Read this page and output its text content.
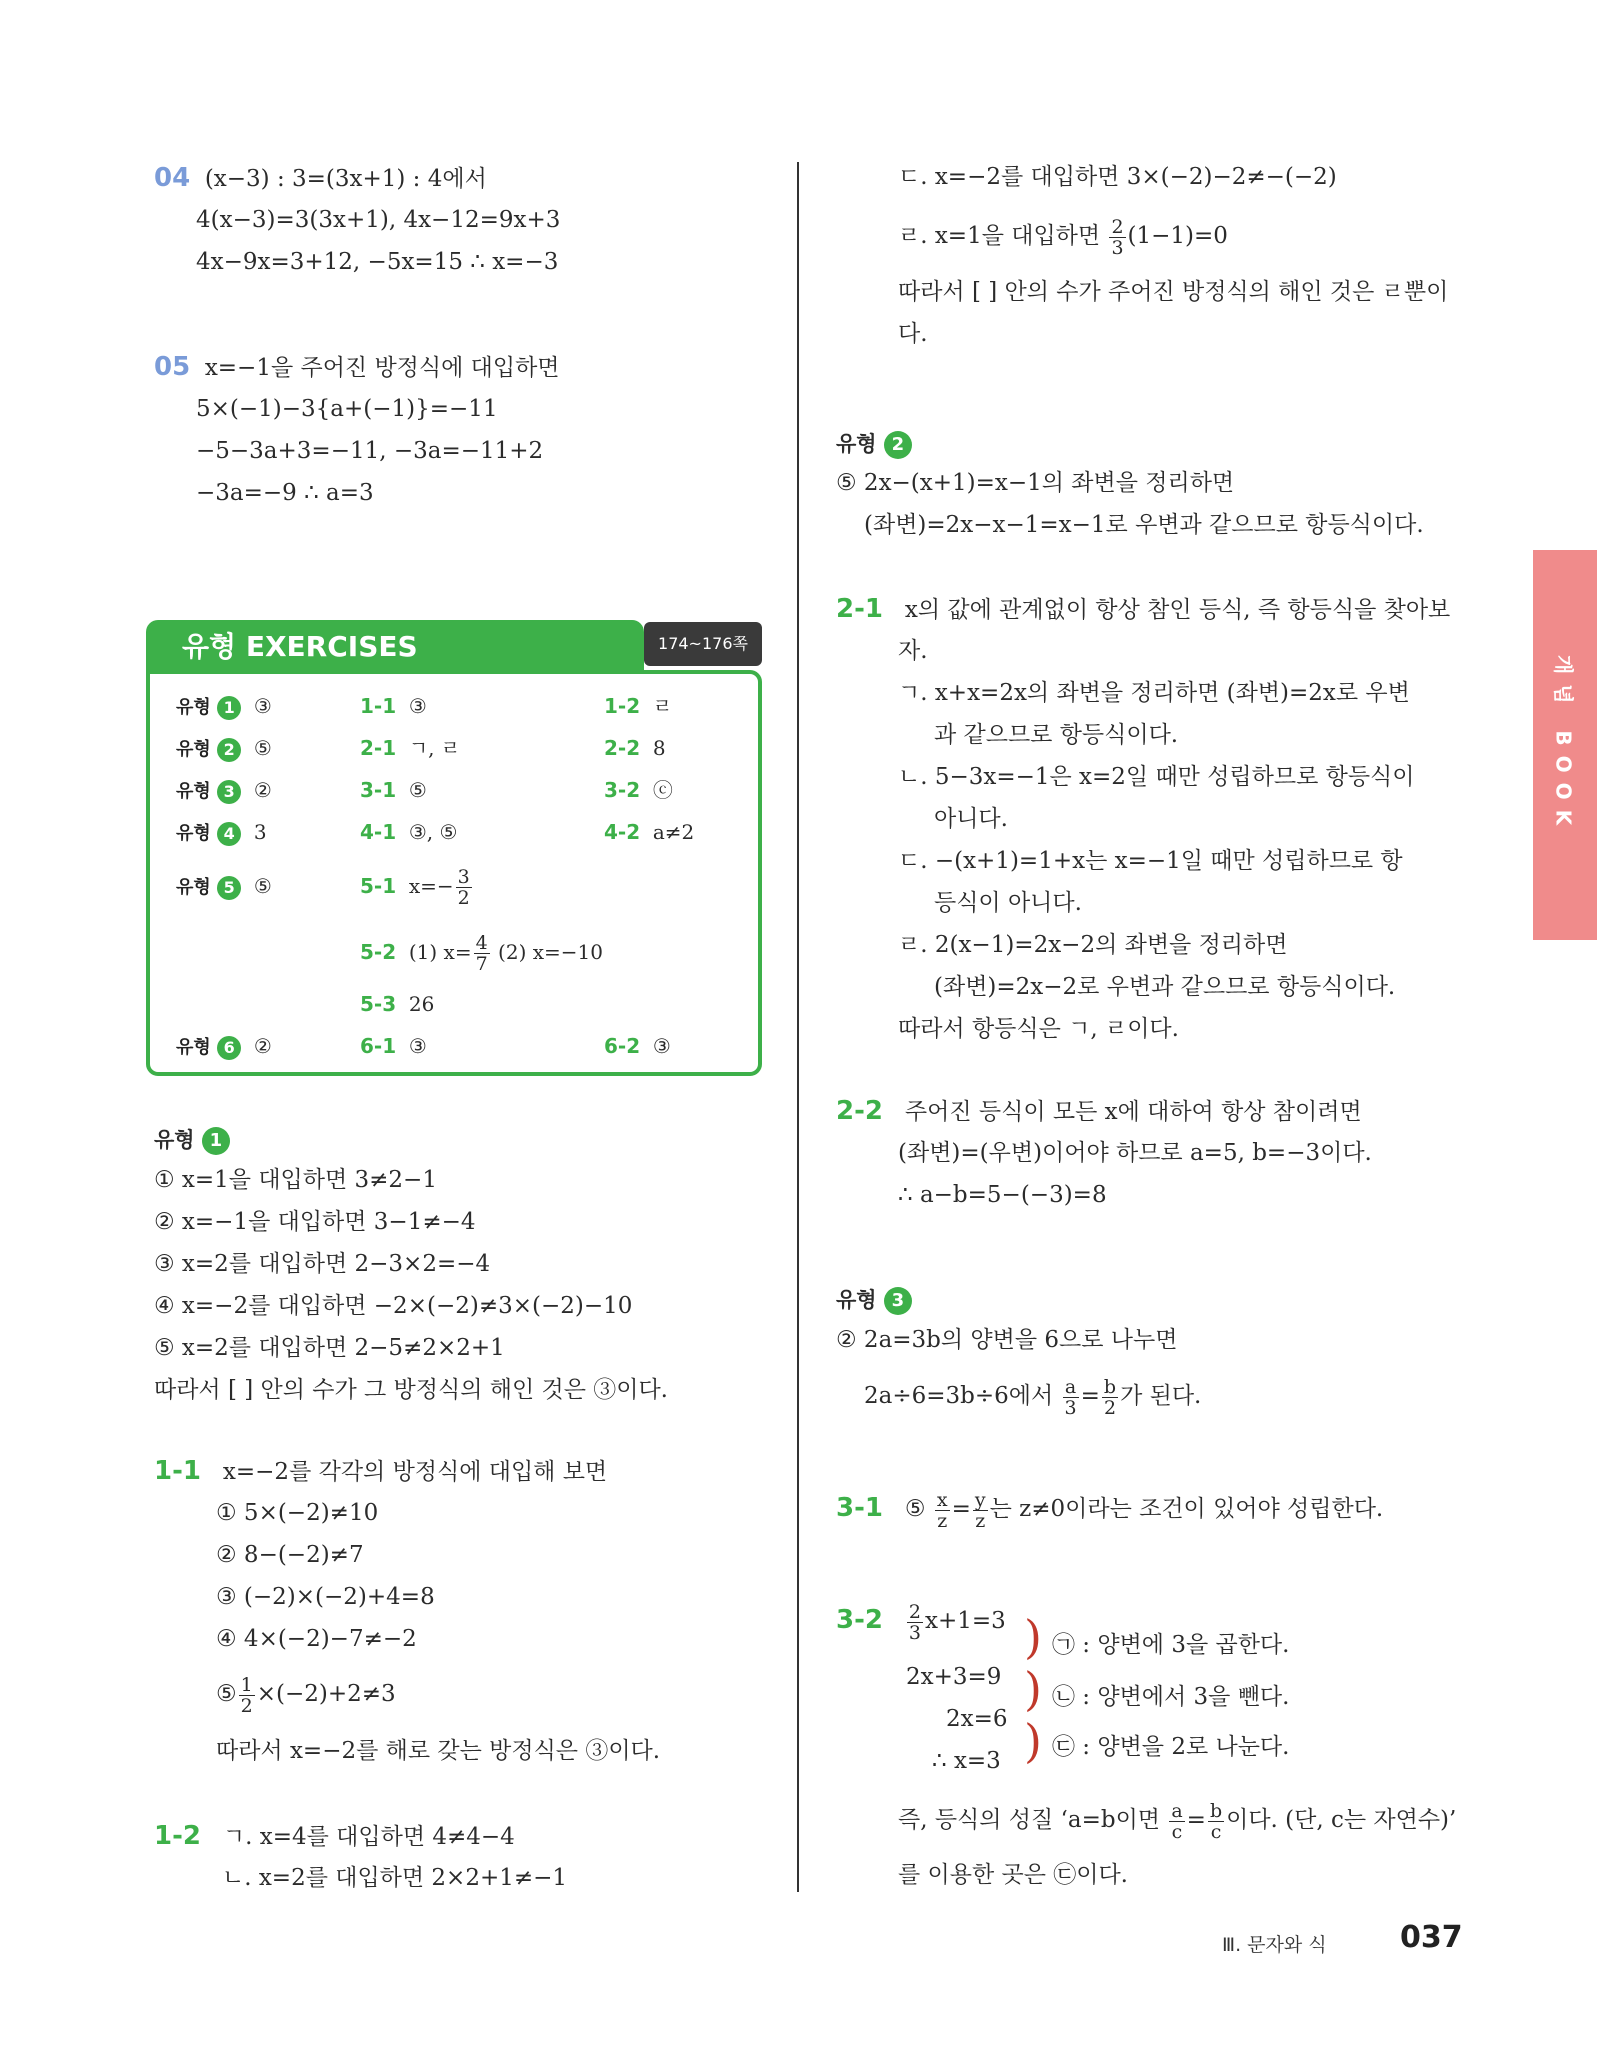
04 (x−3) : 3=(3x+1) : 4에서
4(x−3)=3(3x+1), 4x−12=9x+3
4x−9x=3+12, −5x=15 ∴ x=−3
05 x=−1을 주어진 방정식에 대입하면
5×(−1)−3{a+(−1)}=−11
−5−3a+3=−11, −3a=−11+2
−3a=−9 ∴ a=3
유형 EXERCISES	174~176쪽
유형 1 ③	1-1 ③	1-2 ㄹ
유형 2 ⑤	2-1 ㄱ, ㄹ	2-2 8
유형 3 ②	3-1 ⑤	3-2 ⓒ
유형 4 3	4-1 ③, ⑤	4-2 a≠2
유형 5 ⑤	5-1 $x=- \frac{3}{2}$
5-2 (1) $x= \frac{4}{7} (2)$ x=−10
5-3 26
유형 6 ②	6-1 ③	6-2 ③
유형 1
① x=1을 대입하면 3≠2−1
② x=−1을 대입하면 3−1≠−4
③ x=2를 대입하면 2−3×2=−4
④ x=−2를 대입하면 −2×(−2)≠3×(−2)−10
⑤ x=2를 대입하면 2−5≠2×2+1
따라서 [ ] 안의 수가 그 방정식의 해인 것은 ③이다.
1-1 x=−2를 각각의 방정식에 대입해 보면
① 5×(−2)≠10
② 8−(−2)≠7
③ (−2)×(−2)+4=8
④ 4×(−2)−7≠−2
⑤ $\frac{1}{2} \times(-2)+2\ne 3$
따라서 x=−2를 해로 갖는 방정식은 ③이다.
1-2 ㄱ. x=4를 대입하면 4≠4−4
ㄴ. x=2를 대입하면 2×2+1≠−1
ㄷ. x=−2를 대입하면 3×(−2)−2≠−(−2)
ㄹ. x=1을 대입하면 $\frac{2}{3} (1-1)=0$
따라서 [ ] 안의 수가 주어진 방정식의 해인 것은 ㄹ뿐이
다.
유형 2
⑤ 2x−(x+1)=x−1의 좌변을 정리하면
(좌변)=2x−x−1=x−1로 우변과 같으므로 항등식이다.
2-1 x의 값에 관계없이 항상 참인 등식, 즉 항등식을 찾아보
자.
ㄱ. x+x=2x의 좌변을 정리하면 (좌변)=2x로 우변
과 같으므로 항등식이다.
ㄴ. 5−3x=−1은 x=2일 때만 성립하므로 항등식이
아니다.
ㄷ. −(x+1)=1+x는 x=−1일 때만 성립하므로 항
등식이 아니다.
ㄹ. 2(x−1)=2x−2의 좌변을 정리하면
(좌변)=2x−2로 우변과 같으므로 항등식이다.
따라서 항등식은 ㄱ, ㄹ이다.
2-2 주어진 등식이 모든 x에 대하여 항상 참이려면
(좌변)=(우변)이어야 하므로 a=5, b=−3이다.
∴ a−b=5−(−3)=8
유형 3
② 2a=3b의 양변을 6으로 나누면
2a÷6=3b÷6에서 $\frac{a}{3} = \frac{b}{2}$ 가 된다.
3-1 ⑤ $\frac{x}{z} = \frac{y}{z}$ 는 z≠0이라는 조건이 있어야 성립한다.
$3-2 \frac{2}{3} x+1=3$
2x+3=9
2x=6
∴ x=3
)
)
)
㉠ : 양변에 3을 곱한다.
㉡ : 양변에서 3을 뺀다.
㉢ : 양변을 2로 나눈다.
즉, 등식의 성질 ‘a=b이면 $\frac{a}{c} = \frac{b}{c}$ 이다. (단, c는 자연수)’
를 이용한 곳은 ㉢이다.
개념 BOOK
Ⅲ. 문자와 식 037
